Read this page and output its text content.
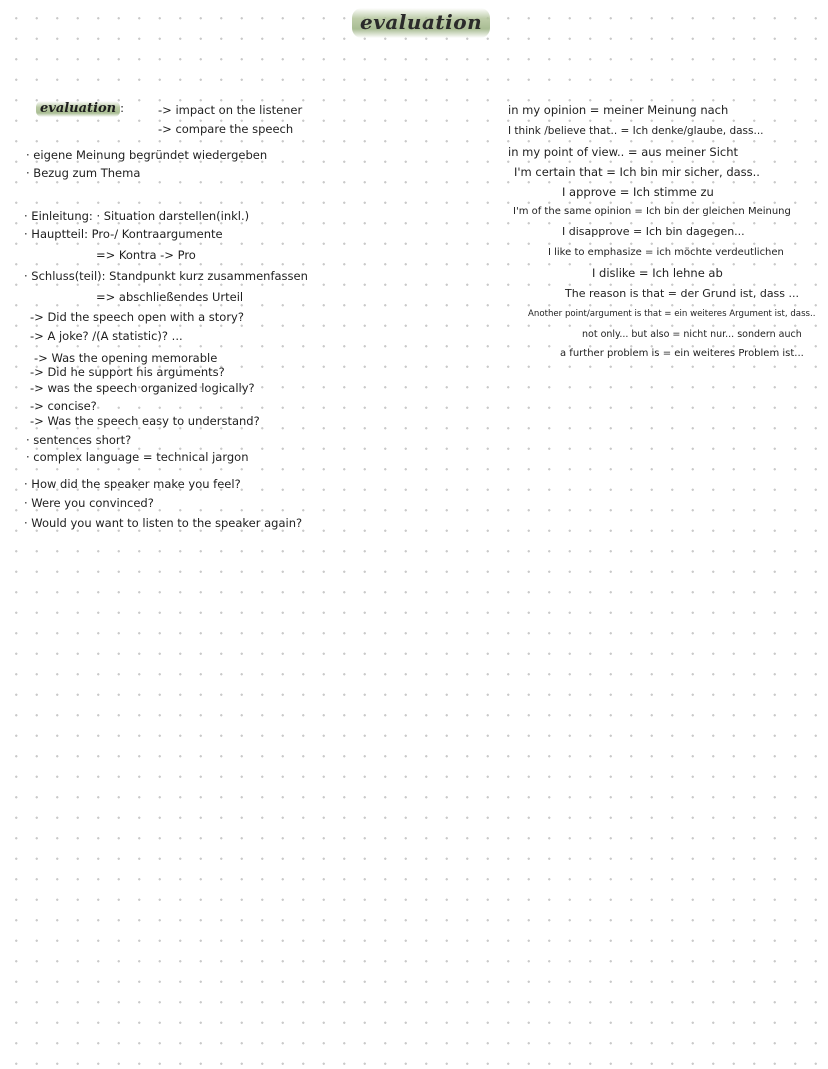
evaluation
evaluation :	-> impact on the listener
-> compare the speech
· eigene Meinung begründet wiedergeben
· Bezug zum Thema
· Einleitung: · Situation darstellen(inkl.)
· Hauptteil: Pro-/ Kontraargumente
=> Kontra -> Pro
· Schluss(teil): Standpunkt kurz zusammenfassen
=> abschließendes Urteil
-> Did the speech open with a story?
-> A joke? /(A statistic)? ...
-> Was the opening memorable
-> Did he support his arguments?
-> was the speech organized logically?
-> concise?
-> Was the speech easy to understand?
· sentences short?
· complex language = technical jargon
· How did the speaker make you feel?
· Were you convinced?
· Would you want to listen to the speaker again?
in my opinion = meiner Meinung nach
I think /believe that.. = Ich denke/glaube, dass...
in my point of view.. = aus meiner Sicht
I'm certain that = Ich bin mir sicher, dass..
I approve = Ich stimme zu
I'm of the same opinion = Ich bin der gleichen Meinung
I disapprove = Ich bin dagegen...
I like to emphasize = ich möchte verdeutlichen
I dislike = Ich lehne ab
The reason is that = der Grund ist, dass ...
Another point/argument is that = ein weiteres Argument ist, dass..
not only... but also = nicht nur... sondern auch
a further problem is = ein weiteres Problem ist...
